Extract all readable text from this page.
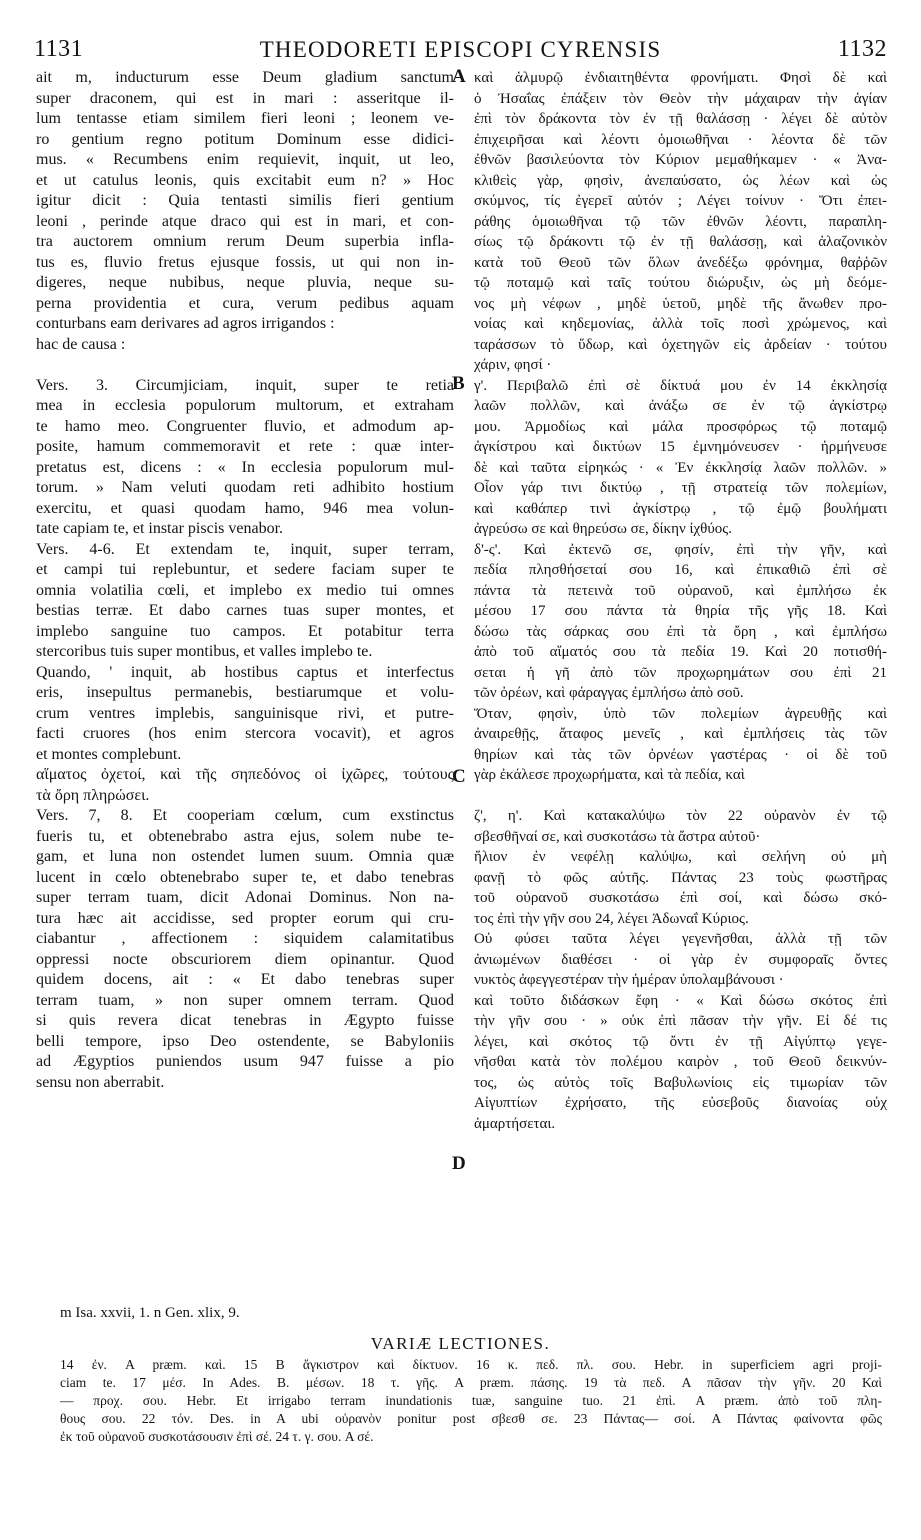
1131	THEODORETI EPISCOPI CYRENSIS	1132
ait m, inducturum esse Deum gladium sanctum
super draconem, qui est in mari : asseritque il-
lum tentasse etiam similem fieri leoni ; leonem ve-
ro gentium regno potitum Dominum esse didici-
mus. « Recumbens enim requievit, inquit, ut leo,
et ut catulus leonis, quis excitabit eum n? » Hoc
igitur dicit : Quia tentasti similis fieri gentium
leoni , perinde atque draco qui est in mari, et con-
tra auctorem omnium rerum Deum superbia infla-
tus es, fluvio fretus ejusque fossis, ut qui non in-
digeres, neque nubibus, neque pluvia, neque su-
perna providentia et cura, verum pedibus aquam
conturbans eam derivares ad agros irrigandos :
hac de causa :
Vers. 3. Circumjiciam, inquit, super te retia
mea in ecclesia populorum multorum, et extraham
te hamo meo. Congruenter fluvio, et admodum ap-
posite, hamum commemoravit et rete : quæ inter-
pretatus est, dicens : « In ecclesia populorum mul-
torum. » Nam veluti quodam reti adhibito hostium
exercitu, et quasi quodam hamo, 946 mea volun-
tate capiam te, et instar piscis venabor.
Vers. 4-6. Et extendam te, inquit, super terram,
et campi tui replebuntur, et sedere faciam super te
omnia volatilia cœli, et implebo ex medio tui omnes
bestias terræ. Et dabo carnes tuas super montes, et
implebo sanguine tuo campos. Et potabitur terra
stercoribus tuis super montibus, et valles implebo te.
Quando, ' inquit, ab hostibus captus et interfectus
eris, insepultus permanebis, bestiarumque et volu-
crum ventres implebis, sanguinisque rivi, et putre-
facti cruores (hos enim stercora vocavit), et agros
et montes complebunt.
αἵματος ὀχετοί, καὶ τῆς σηπεδόνος οἱ ἰχῶρες, τούτους
τὰ ὄρη πληρώσει.
Vers. 7, 8. Et cooperiam cœlum, cum exstinctus
fueris tu, et obtenebrabo astra ejus, solem nube te-
gam, et luna non ostendet lumen suum. Omnia quæ
lucent in cœlo obtenebrabo super te, et dabo tenebras
super terram tuam, dicit Adonai Dominus. Non na-
tura hæc ait accidisse, sed propter eorum qui cru-
ciabantur , affectionem : siquidem calamitatibus
oppressi nocte obscuriorem diem opinantur. Quod
quidem docens, ait : « Et dabo tenebras super
terram tuam, » non super omnem terram. Quod
si quis revera dicat tenebras in Ægypto fuisse
belli tempore, ipso Deo ostendente, se Babyloniis
ad Ægyptios puniendos usum 947 fuisse a pio
sensu non aberrabit.
καὶ ἁλμυρῷ ἐνδιαιτηθέντα φρονήματι. Φησὶ δὲ καὶ
ὁ Ἠσαΐας ἐπάξειν τὸν Θεὸν τὴν μάχαιραν τὴν ἁγίαν
ἐπὶ τὸν δράκοντα τὸν ἐν τῇ θαλάσσῃ · λέγει δὲ αὐτὸν
ἐπιχειρῆσαι καὶ λέοντι ὁμοιωθῆναι · λέοντα δὲ τῶν
ἐθνῶν βασιλεύοντα τὸν Κύριον μεμαθήκαμεν · « Ἀνα-
κλιθεὶς γὰρ, φησὶν, ἀνεπαύσατο, ὡς λέων καὶ ὡς
σκύμνος, τίς ἐγερεῖ αὐτόν ; Λέγει τοίνυν · Ὅτι ἐπει-
ράθης ὁμοιωθῆναι τῷ τῶν ἐθνῶν λέοντι, παραπλη-
σίως τῷ δράκοντι τῷ ἐν τῇ θαλάσσῃ, καὶ ἀλαζονικὸν
κατὰ τοῦ Θεοῦ τῶν ὅλων ἀνεδέξω φρόνημα, θαῤῥῶν
τῷ ποταμῷ καὶ ταῖς τούτου διώρυξιν, ὡς μὴ δεόμε-
νος μὴ νέφων , μηδὲ ὑετοῦ, μηδὲ τῆς ἄνωθεν προ-
νοίας καὶ κηδεμονίας, ἀλλὰ τοῖς ποσὶ χρώμενος, καὶ
ταράσσων τὸ ὕδωρ, καὶ ὀχετηγῶν εἰς ἀρδείαν · τούτου
χάριν, φησί ·
γ'. Περιβαλῶ ἐπὶ σὲ δίκτυά μου ἐν 14 ἐκκλησίᾳ
λαῶν πολλῶν, καὶ ἀνάξω σε ἐν τῷ ἀγκίστρῳ
μου. Ἁρμοδίως καὶ μάλα προσφόρως τῷ ποταμῷ
ἀγκίστρου καὶ δικτύων 15 ἐμνημόνευσεν · ἡρμήνευσε
δὲ καὶ ταῦτα εἰρηκώς · « Ἐν ἐκκλησίᾳ λαῶν πολλῶν. »
Οἷον γάρ τινι δικτύῳ , τῇ στρατείᾳ τῶν πολεμίων,
καὶ καθάπερ τινὶ ἀγκίστρῳ , τῷ ἐμῷ βουλήματι
ἀγρεύσω σε καὶ θηρεύσω σε, δίκην ἰχθύος.
δ'-ς'. Καὶ ἐκτενῶ σε, φησίν, ἐπὶ τὴν γῆν, καὶ
πεδία πλησθήσεταί σου 16, καὶ ἐπικαθιῶ ἐπὶ σὲ
πάντα τὰ πετεινὰ τοῦ οὐρανοῦ, καὶ ἐμπλήσω ἐκ
μέσου 17 σου πάντα τὰ θηρία τῆς γῆς 18. Καὶ
δώσω τὰς σάρκας σου ἐπὶ τὰ ὄρη , καὶ ἐμπλήσω
ἀπὸ τοῦ αἵματός σου τὰ πεδία 19. Καὶ 20 ποτισθή-
σεται ἡ γῆ ἀπὸ τῶν προχωρημάτων σου ἐπὶ 21
τῶν ὀρέων, καὶ φάραγγας ἐμπλήσω ἀπὸ σοῦ.
Ὅταν, φησὶν, ὑπὸ τῶν πολεμίων ἀγρευθῇς καὶ
ἀναιρεθῇς, ἄταφος μενεῖς , καὶ ἐμπλήσεις τὰς τῶν
θηρίων καὶ τὰς τῶν ὀρνέων γαστέρας · οἱ δὲ τοῦ
γὰρ ἐκάλεσε προχωρήματα, καὶ τὰ πεδία, καὶ
ζ', η'. Καὶ κατακαλύψω τὸν 22 οὐρανὸν ἐν τῷ
σβεσθῆναί σε, καὶ συσκοτάσω τὰ ἄστρα αὐτοῦ·
ἥλιον ἐν νεφέλῃ καλύψω, καὶ σελήνη οὐ μὴ
φανῇ τὸ φῶς αὐτῆς. Πάντας 23 τοὺς φωστῆρας
τοῦ οὐρανοῦ συσκοτάσω ἐπὶ σοί, καὶ δώσω σκό-
τος ἐπὶ τὴν γῆν σου 24, λέγει Ἀδωναΐ Κύριος.
Οὐ φύσει ταῦτα λέγει γεγενῆσθαι, ἀλλὰ τῇ τῶν
ἀνιωμένων διαθέσει · οἱ γὰρ ἐν συμφοραῖς ὄντες
νυκτὸς ἀφεγγεστέραν τὴν ἡμέραν ὑπολαμβάνουσι ·
καὶ τοῦτο διδάσκων ἔφη · « Καὶ δώσω σκότος ἐπὶ
τὴν γῆν σου · » οὐκ ἐπὶ πᾶσαν τὴν γῆν. Εἰ δέ τις
λέγει, καὶ σκότος τῷ ὄντι ἐν τῇ Αἰγύπτῳ γεγε-
νῆσθαι κατὰ τὸν πολέμου καιρὸν , τοῦ Θεοῦ δεικνύν-
τος, ὡς αὐτὸς τοῖς Βαβυλωνίοις εἰς τιμωρίαν τῶν
Αἰγυπτίων ἐχρήσατο, τῆς εὐσεβοῦς διανοίας οὐχ
ἁμαρτήσεται.
A
B
C
D
m Isa. xxvii, 1. n Gen. xlix, 9.
VARIÆ LECTIONES.
14 ἐν. A præm. καὶ. 15 B ἄγκιστρον καὶ δίκτυον. 16 κ. πεδ. πλ. σου. Hebr. in superficiem agri proji-
ciam te. 17 μέσ. In Ades. B. μέσων. 18 τ. γῆς. A præm. πάσης. 19 τὰ πεδ. A πᾶσαν τὴν γῆν. 20 Καὶ
— προχ. σου. Hebr. Et irrigabo terram inundationis tuæ, sanguine tuo. 21 ἐπὶ. A præm. ἀπὸ τοῦ πλη-
θους σου. 22 τόν. Des. in A ubi οὐρανὸν ponitur post σβεσθ σε. 23 Πάντας— σοί. A Πάντας φαίνοντα φῶς
ἐκ τοῦ οὐρανοῦ συσκοτάσουσιν ἐπὶ σέ. 24 τ. γ. σου. A σέ.
